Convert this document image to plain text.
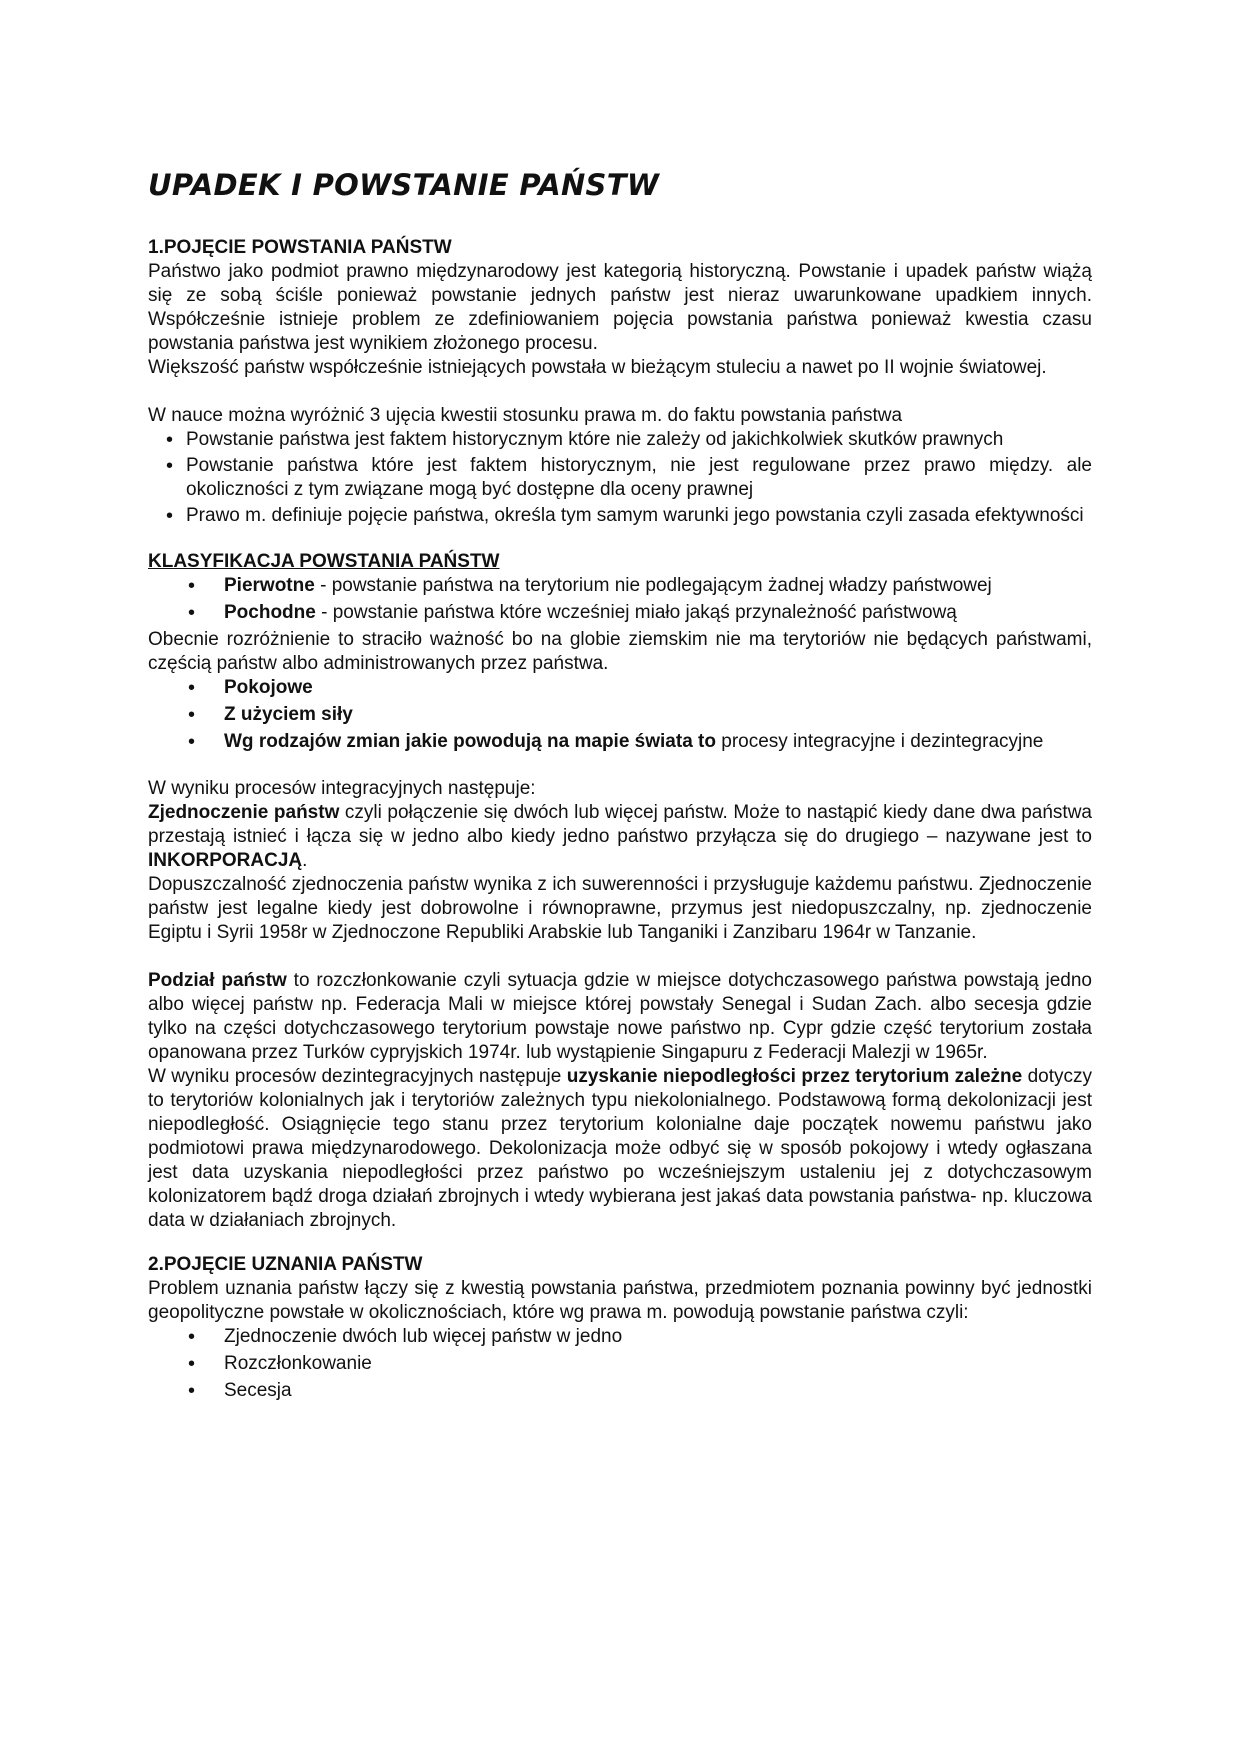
UPADEK I POWSTANIE PAŃSTW

1.POJĘCIE POWSTANIA PAŃSTW

Państwo jako podmiot prawno międzynarodowy jest kategorią historyczną. Powstanie i upadek państw wiążą się ze sobą ściśle ponieważ powstanie jednych państw jest nieraz uwarunkowane upadkiem innych. Współcześnie istnieje problem ze zdefiniowaniem pojęcia powstania państwa ponieważ kwestia czasu powstania państwa jest wynikiem złożonego procesu.

Większość państw współcześnie istniejących powstała w bieżącym stuleciu a nawet po II wojnie światowej.

W nauce można wyróżnić 3 ujęcia kwestii stosunku prawa m. do faktu powstania państwa

• Powstanie państwa jest faktem historycznym które nie zależy od jakichkolwiek skutków prawnych
• Powstanie państwa które jest faktem historycznym, nie jest regulowane przez prawo między. ale okoliczności z tym związane mogą być dostępne dla oceny prawnej
• Prawo m. definiuje pojęcie państwa, określa tym samym warunki jego powstania czyli zasada efektywności

KLASYFIKACJA POWSTANIA PAŃSTW

• Pierwotne - powstanie państwa na terytorium nie podlegającym żadnej władzy państwowej
• Pochodne - powstanie państwa które wcześniej miało jakąś przynależność państwową

Obecnie rozróżnienie to straciło ważność bo na globie ziemskim nie ma terytoriów nie będących państwami, częścią państw albo administrowanych przez państwa.

• Pokojowe
• Z użyciem siły
• Wg rodzajów zmian jakie powodują na mapie świata to procesy integracyjne i dezintegracyjne

W wyniku procesów integracyjnych następuje:

Zjednoczenie państw czyli połączenie się dwóch lub więcej państw. Może to nastąpić kiedy dane dwa państwa przestają istnieć i łącza się w jedno albo kiedy jedno państwo przyłącza się do drugiego – nazywane jest to INKORPORACJĄ.

Dopuszczalność zjednoczenia państw wynika z ich suwerenności i przysługuje każdemu państwu. Zjednoczenie państw jest legalne kiedy jest dobrowolne i równoprawne, przymus jest niedopuszczalny, np. zjednoczenie Egiptu i Syrii 1958r w Zjednoczone Republiki Arabskie lub Tanganiki i Zanzibaru 1964r w Tanzanie.

Podział państw to rozczłonkowanie czyli sytuacja gdzie w miejsce dotychczasowego państwa powstają jedno albo więcej państw np. Federacja Mali w miejsce której powstały Senegal i Sudan Zach. albo secesja gdzie tylko na części dotychczasowego terytorium powstaje nowe państwo np. Cypr gdzie część terytorium została opanowana przez Turków cypryjskich 1974r. lub wystąpienie Singapuru z Federacji Malezji w 1965r.

W wyniku procesów dezintegracyjnych następuje uzyskanie niepodległości przez terytorium zależne dotyczy to terytoriów kolonialnych jak i terytoriów zależnych typu niekolonialnego. Podstawową formą dekolonizacji jest niepodległość. Osiągnięcie tego stanu przez terytorium kolonialne daje początek nowemu państwu jako podmiotowi prawa międzynarodowego. Dekolonizacja może odbyć się w sposób pokojowy i wtedy ogłaszana jest data uzyskania niepodległości przez państwo po wcześniejszym ustaleniu jej z dotychczasowym kolonizatorem bądź droga działań zbrojnych i wtedy wybierana jest jakaś data powstania państwa- np. kluczowa data w działaniach zbrojnych.

2.POJĘCIE UZNANIA PAŃSTW

Problem uznania państw łączy się z kwestią powstania państwa, przedmiotem poznania powinny być jednostki geopolityczne powstałe w okolicznościach, które wg prawa m. powodują powstanie państwa czyli:

• Zjednoczenie dwóch lub więcej państw w jedno
• Rozczłonkowanie
• Secesja
